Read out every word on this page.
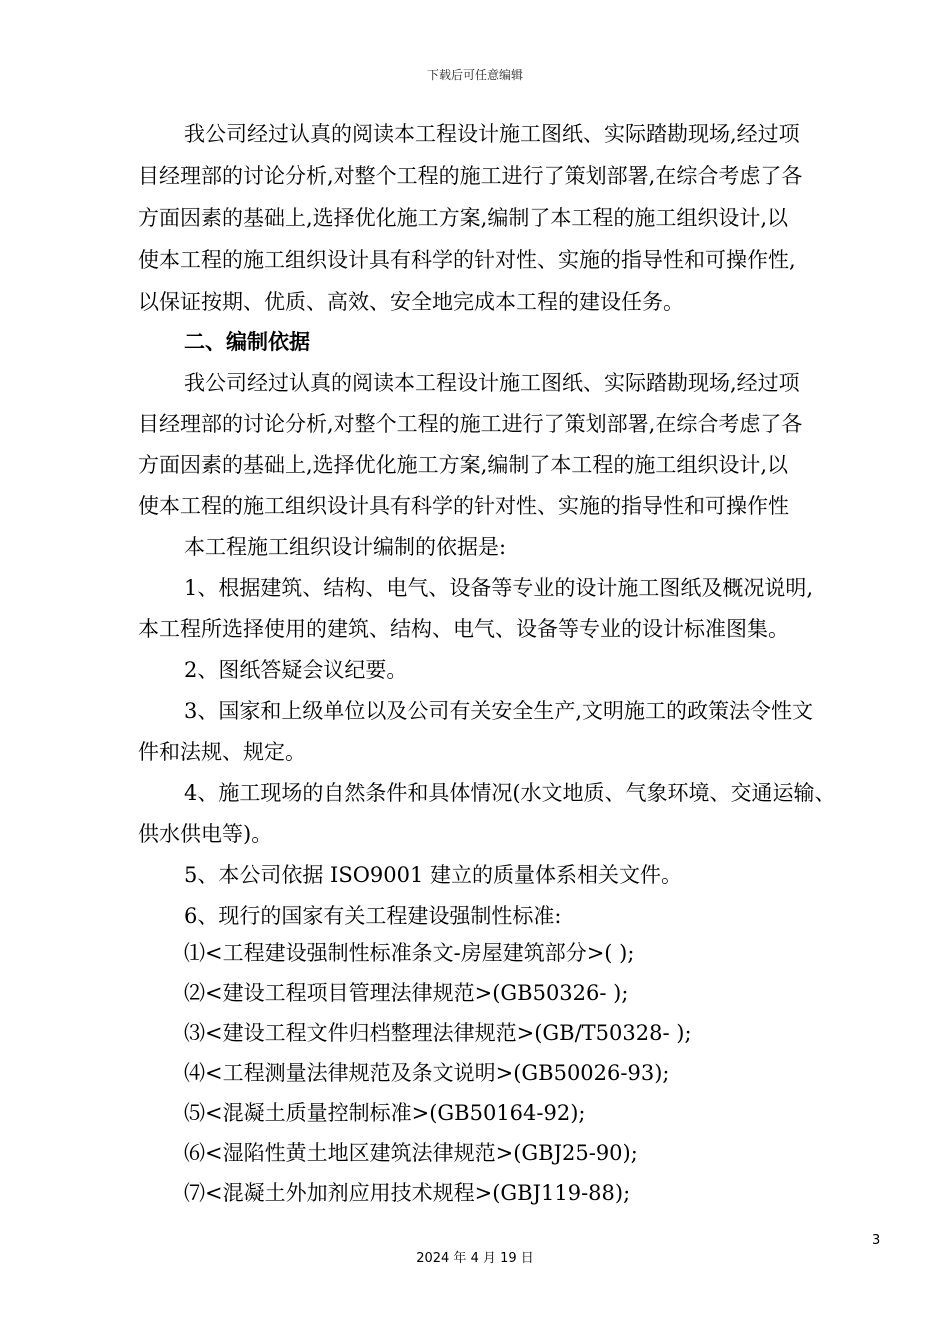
下载后可任意编辑
我公司经过认真的阅读本工程设计施工图纸、实际踏勘现场,经过项
目经理部的讨论分析,对整个工程的施工进行了策划部署,在综合考虑了各
方面因素的基础上,选择优化施工方案,编制了本工程的施工组织设计,以
使本工程的施工组织设计具有科学的针对性、实施的指导性和可操作性,
以保证按期、优质、高效、安全地完成本工程的建设任务。
二、编制依据
我公司经过认真的阅读本工程设计施工图纸、实际踏勘现场,经过项
目经理部的讨论分析,对整个工程的施工进行了策划部署,在综合考虑了各
方面因素的基础上,选择优化施工方案,编制了本工程的施工组织设计,以
使本工程的施工组织设计具有科学的针对性、实施的指导性和可操作性
本工程施工组织设计编制的依据是:
1、根据建筑、结构、电气、设备等专业的设计施工图纸及概况说明,
本工程所选择使用的建筑、结构、电气、设备等专业的设计标准图集。
2、图纸答疑会议纪要。
3、国家和上级单位以及公司有关安全生产,文明施工的政策法令性文
件和法规、规定。
4、施工现场的自然条件和具体情况(水文地质、气象环境、交通运输、
供水供电等)。
5、本公司依据 ISO9001 建立的质量体系相关文件。
6、现行的国家有关工程建设强制性标准:
⑴<工程建设强制性标准条文-房屋建筑部分>( );
⑵<建设工程项目管理法律规范>(GB50326- );
⑶<建设工程文件归档整理法律规范>(GB/T50328- );
⑷<工程测量法律规范及条文说明>(GB50026-93);
⑸<混凝土质量控制标准>(GB50164-92);
⑹<湿陷性黄土地区建筑法律规范>(GBJ25-90);
⑺<混凝土外加剂应用技术规程>(GBJ119-88);
3
2024 年 4 月 19 日
